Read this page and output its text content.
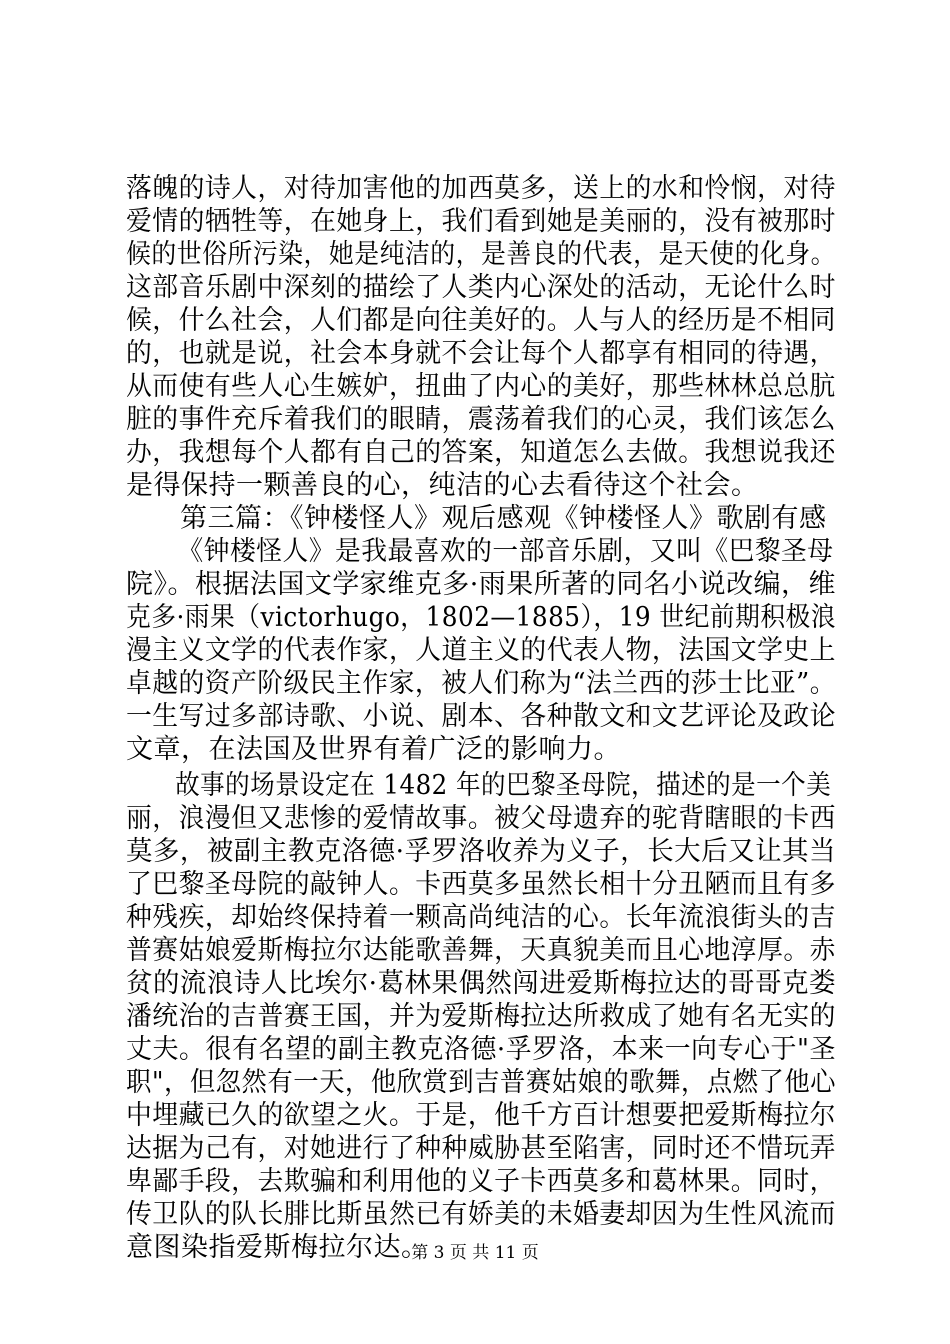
落魄的诗人，对待加害他的加西莫多，送上的水和怜悯，对待
爱情的牺牲等，在她身上，我们看到她是美丽的，没有被那时
候的世俗所污染，她是纯洁的，是善良的代表，是天使的化身。
这部音乐剧中深刻的描绘了人类内心深处的活动，无论什么时
候，什么社会，人们都是向往美好的。人与人的经历是不相同
的，也就是说，社会本身就不会让每个人都享有相同的待遇，
从而使有些人心生嫉妒，扭曲了内心的美好，那些林林总总肮
脏的事件充斥着我们的眼睛，震荡着我们的心灵，我们该怎么
办，我想每个人都有自己的答案，知道怎么去做。我想说我还
是得保持一颗善良的心，纯洁的心去看待这个社会。
第三篇：《钟楼怪人》观后感观《钟楼怪人》歌剧有感
《钟楼怪人》是我最喜欢的一部音乐剧，又叫《巴黎圣母
院》。根据法国文学家维克多·雨果所著的同名小说改编，维
克多·雨果（victorhugo，1802—1885），19 世纪前期积极浪
漫主义文学的代表作家，人道主义的代表人物，法国文学史上
卓越的资产阶级民主作家，被人们称为“法兰西的莎士比亚”。
一生写过多部诗歌、小说、剧本、各种散文和文艺评论及政论
文章，在法国及世界有着广泛的影响力。
故事的场景设定在 1482 年的巴黎圣母院，描述的是一个美
丽，浪漫但又悲惨的爱情故事。被父母遗弃的驼背瞎眼的卡西
莫多，被副主教克洛德·孚罗洛收养为义子，长大后又让其当
了巴黎圣母院的敲钟人。卡西莫多虽然长相十分丑陋而且有多
种残疾，却始终保持着一颗高尚纯洁的心。长年流浪街头的吉
普赛姑娘爱斯梅拉尔达能歌善舞，天真貌美而且心地淳厚。赤
贫的流浪诗人比埃尔·葛林果偶然闯进爱斯梅拉达的哥哥克娄
潘统治的吉普赛王国，并为爱斯梅拉达所救成了她有名无实的
丈夫。很有名望的副主教克洛德·孚罗洛，本来一向专心于"圣
职"，但忽然有一天，他欣赏到吉普赛姑娘的歌舞，点燃了他心
中埋藏已久的欲望之火。于是，他千方百计想要把爱斯梅拉尔
达据为己有，对她进行了种种威胁甚至陷害，同时还不惜玩弄
卑鄙手段，去欺骗和利用他的义子卡西莫多和葛林果。同时，
传卫队的队长腓比斯虽然已有娇美的未婚妻却因为生性风流而
意图染指爱斯梅拉尔达。
第 3 页 共 11 页
